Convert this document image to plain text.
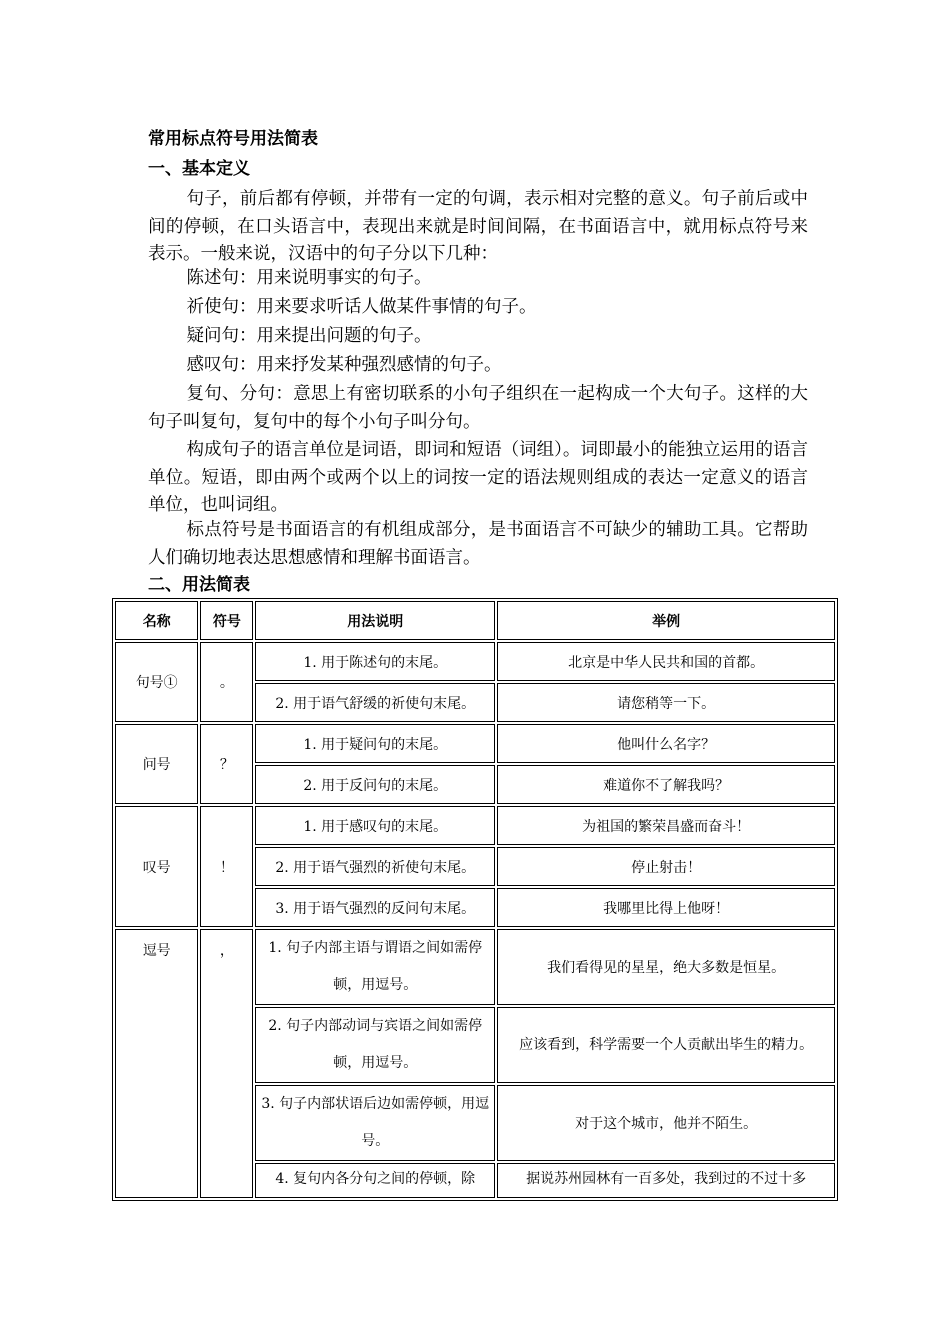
常用标点符号用法简表
一、基本定义

句子，前后都有停顿，并带有一定的句调，表示相对完整的意义。句子前后或中间的停顿，在口头语言中，表现出来就是时间间隔，在书面语言中，就用标点符号来表示。一般来说，汉语中的句子分以下几种：

陈述句：用来说明事实的句子。

祈使句：用来要求听话人做某件事情的句子。

疑问句：用来提出问题的句子。

感叹句：用来抒发某种强烈感情的句子。

复句、分句：意思上有密切联系的小句子组织在一起构成一个大句子。这样的大句子叫复句，复句中的每个小句子叫分句。

构成句子的语言单位是词语，即词和短语（词组）。词即最小的能独立运用的语言单位。短语，即由两个或两个以上的词按一定的语法规则组成的表达一定意义的语言单位，也叫词组。

标点符号是书面语言的有机组成部分，是书面语言不可缺少的辅助工具。它帮助人们确切地表达思想感情和理解书面语言。

二、用法简表
名称	符号	用法说明	举例
句号①	。	1. 用于陈述句的末尾。	北京是中华人民共和国的首都。
		2. 用于语气舒缓的祈使句末尾。	请您稍等一下。
问号	？	1. 用于疑问句的末尾。	他叫什么名字？
		2. 用于反问句的末尾。	难道你不了解我吗？
叹号	！	1. 用于感叹句的末尾。	为祖国的繁荣昌盛而奋斗！
		2. 用于语气强烈的祈使句末尾。	停止射击！
		3. 用于语气强烈的反问句末尾。	我哪里比得上他呀！
逗号	，	1. 句子内部主语与谓语之间如需停顿，用逗号。	我们看得见的星星，绝大多数是恒星。
		2. 句子内部动词与宾语之间如需停顿，用逗号。	应该看到，科学需要一个人贡献出毕生的精力。
		3. 句子内部状语后边如需停顿，用逗号。	对于这个城市，他并不陌生。
		4. 复句内各分句之间的停顿，除	据说苏州园林有一百多处，我到过的不过十多
